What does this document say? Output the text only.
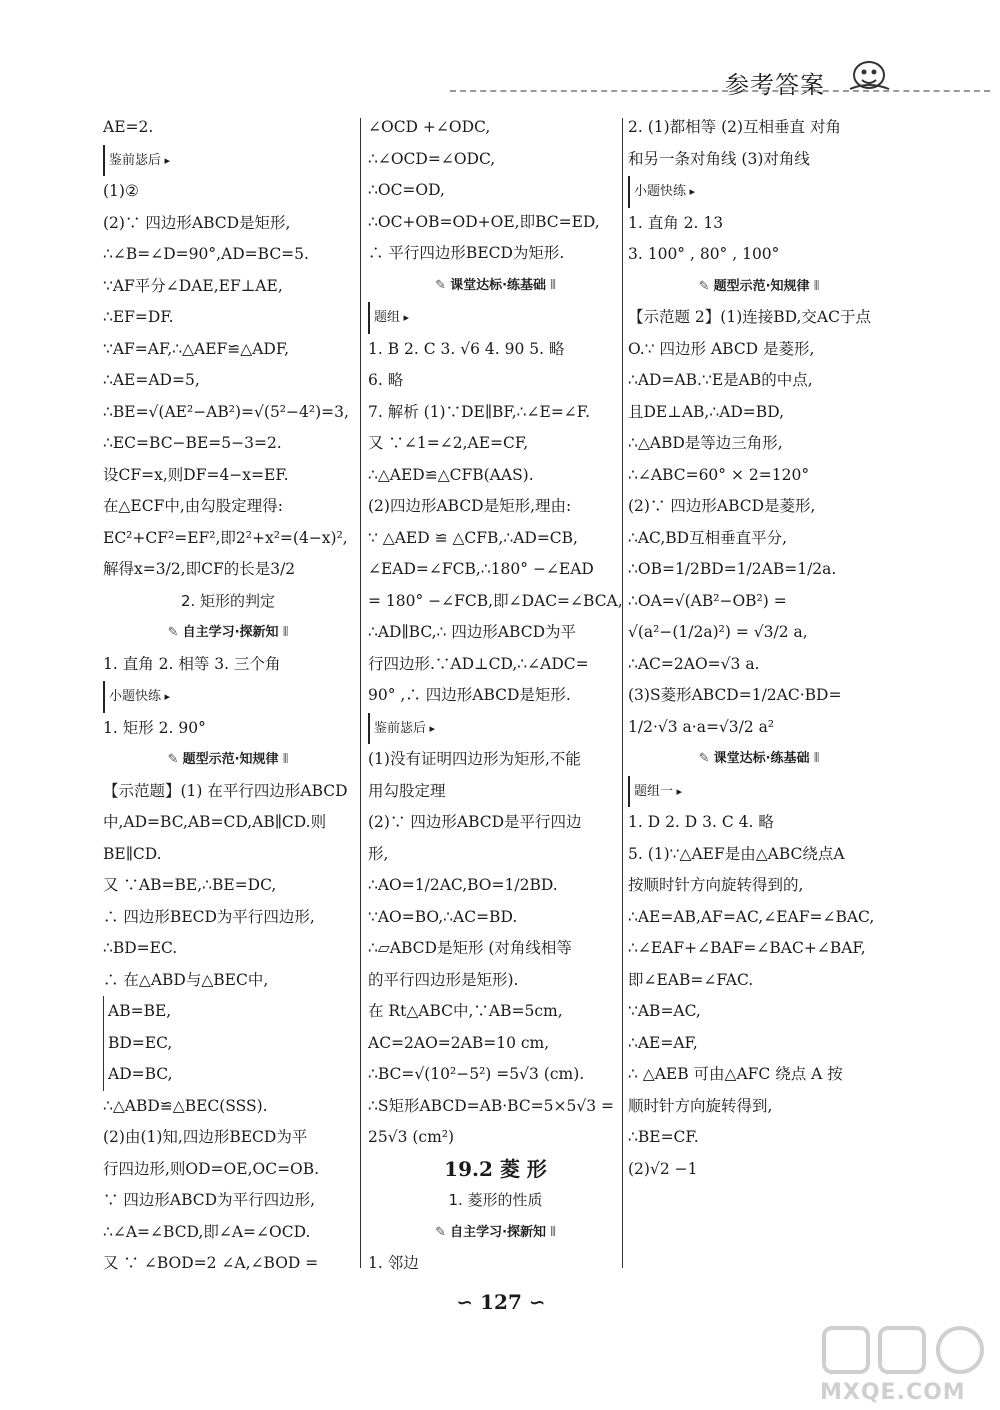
参考答案
AE=2.
鉴前毖后 ▸
(1)②
(2)∵ 四边形ABCD是矩形,
∴∠B=∠D=90°,AD=BC=5.
∵AF平分∠DAE,EF⊥AE,
∴EF=DF.
∵AF=AF,∴△AEF≌△ADF,
∴AE=AD=5,
∴BE=√(AE²−AB²)=√(5²−4²)=3,
∴EC=BC−BE=5−3=2.
设CF=x,则DF=4−x=EF.
在△ECF中,由勾股定理得:
EC²+CF²=EF²,即2²+x²=(4−x)²,
解得x=3/2,即CF的长是3/2
2. 矩形的判定
✎ 自主学习·探新知 ⦀
1. 直角 2. 相等 3. 三个角
小题快练 ▸
1. 矩形 2. 90°
✎ 题型示范·知规律 ⦀
【示范题】(1) 在平行四边形ABCD
中,AD=BC,AB=CD,AB∥CD.则
BE∥CD.
又 ∵AB=BE,∴BE=DC,
∴ 四边形BECD为平行四边形,
∴BD=EC.
∴ 在△ABD与△BEC中,
AB=BE,
BD=EC,
AD=BC,
∴△ABD≌△BEC(SSS).
(2)由(1)知,四边形BECD为平
行四边形,则OD=OE,OC=OB.
∵ 四边形ABCD为平行四边形,
∴∠A=∠BCD,即∠A=∠OCD.
又 ∵ ∠BOD=2 ∠A,∠BOD =
∠OCD +∠ODC,
∴∠OCD=∠ODC,
∴OC=OD,
∴OC+OB=OD+OE,即BC=ED,
∴ 平行四边形BECD为矩形.
✎ 课堂达标·练基础 ⦀
题组 ▸
1. B 2. C 3. √6 4. 90 5. 略
6. 略
7. 解析 (1)∵DE∥BF,∴∠E=∠F.
又 ∵∠1=∠2,AE=CF,
∴△AED≌△CFB(AAS).
(2)四边形ABCD是矩形,理由:
∵ △AED ≌ △CFB,∴AD=CB,
∠EAD=∠FCB,∴180° −∠EAD
= 180° −∠FCB,即∠DAC=∠BCA,
∴AD∥BC,∴ 四边形ABCD为平
行四边形.∵AD⊥CD,∴∠ADC=
90° ,∴ 四边形ABCD是矩形.
鉴前毖后 ▸
(1)没有证明四边形为矩形,不能
用勾股定理
(2)∵ 四边形ABCD是平行四边
形,
∴AO=1/2AC,BO=1/2BD.
∵AO=BO,∴AC=BD.
∴▱ABCD是矩形 (对角线相等
的平行四边形是矩形).
在 Rt△ABC中,∵AB=5cm,
AC=2AO=2AB=10 cm,
∴BC=√(10²−5²) =5√3 (cm).
∴S矩形ABCD=AB·BC=5×5√3 =
25√3 (cm²)
19.2 菱 形
1. 菱形的性质
✎ 自主学习·探新知 ⦀
1. 邻边
2. (1)都相等 (2)互相垂直 对角
和另一条对角线 (3)对角线
小题快练 ▸
1. 直角 2. 13
3. 100° , 80° , 100°
✎ 题型示范·知规律 ⦀
【示范题 2】(1)连接BD,交AC于点
O.∵ 四边形 ABCD 是菱形,
∴AD=AB.∵E是AB的中点,
且DE⊥AB,∴AD=BD,
∴△ABD是等边三角形,
∴∠ABC=60° × 2=120°
(2)∵ 四边形ABCD是菱形,
∴AC,BD互相垂直平分,
∴OB=1/2BD=1/2AB=1/2a.
∴OA=√(AB²−OB²) =
√(a²−(1/2a)²) = √3/2 a,
∴AC=2AO=√3 a.
(3)S菱形ABCD=1/2AC·BD=
1/2·√3 a·a=√3/2 a²
✎ 课堂达标·练基础 ⦀
题组一 ▸
1. D 2. D 3. C 4. 略
5. (1)∵△AEF是由△ABC绕点A
按顺时针方向旋转得到的,
∴AE=AB,AF=AC,∠EAF=∠BAC,
∴∠EAF+∠BAF=∠BAC+∠BAF,
即∠EAB=∠FAC.
∵AB=AC,
∴AE=AF,
∴ △AEB 可由△AFC 绕点 A 按
顺时针方向旋转得到,
∴BE=CF.
(2)√2 −1
∽ 127 ∽
MXQE.COM
